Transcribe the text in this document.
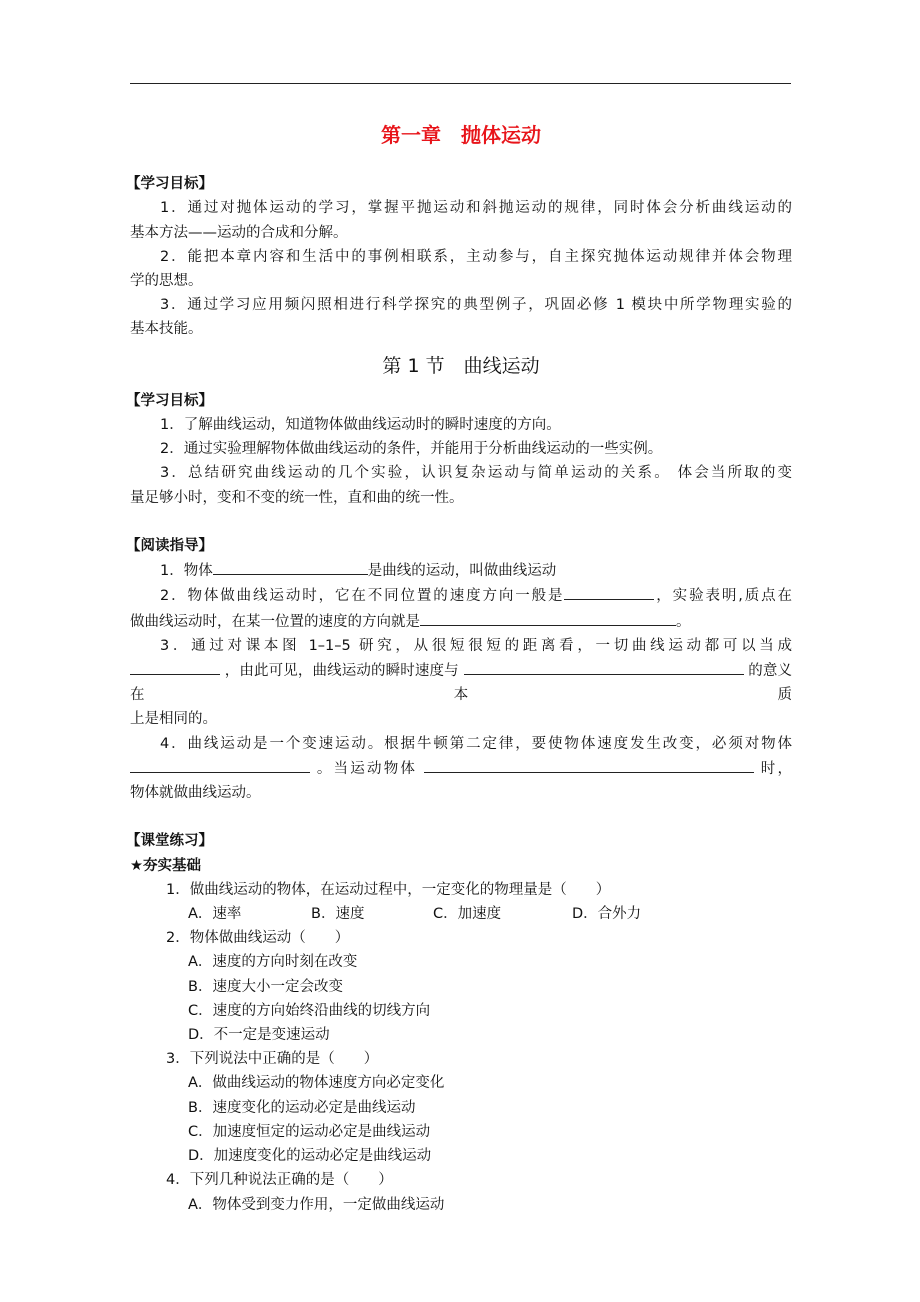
第一章　抛体运动
【学习目标】
1．通过对抛体运动的学习，掌握平抛运动和斜抛运动的规律，同时体会分析曲线运动的
基本方法——运动的合成和分解。
2．能把本章内容和生活中的事例相联系，主动参与，自主探究抛体运动规律并体会物理
学的思想。
3．通过学习应用频闪照相进行科学探究的典型例子，巩固必修 1 模块中所学物理实验的
基本技能。
第 1 节　曲线运动
【学习目标】
1．了解曲线运动，知道物体做曲线运动时的瞬时速度的方向。
2．通过实验理解物体做曲线运动的条件，并能用于分析曲线运动的一些实例。
3．总结研究曲线运动的几个实验，认识复杂运动与简单运动的关系。 体会当所取的变
量足够小时，变和不变的统一性，直和曲的统一性。
【阅读指导】
1．物体	是曲线的运动，叫做曲线运动
2．物体做曲线运动时，它在不同位置的速度方向一般是	，实验表明,质点在
做曲线运动时，在某一位置的速度的方向就是	。
3．通过对课本图 1–1–5 研究，从很短很短的距离看，一切曲线运动都可以当成
，由此可见，曲线运动的瞬时速度与	的意义在本质
上是相同的。
4．曲线运动是一个变速运动。根据牛顿第二定律，要使物体速度发生改变，必须对物体
。当运动物体	时，
物体就做曲线运动。
【课堂练习】
★夯实基础
1．做曲线运动的物体，在运动过程中，一定变化的物理量是（　　）
A．速率	B．速度	C．加速度	D．合外力
2．物体做曲线运动（　　）
A．速度的方向时刻在改变
B．速度大小一定会改变
C．速度的方向始终沿曲线的切线方向
D．不一定是变速运动
3．下列说法中正确的是（　　）
A．做曲线运动的物体速度方向必定变化
B．速度变化的运动必定是曲线运动
C．加速度恒定的运动必定是曲线运动
D．加速度变化的运动必定是曲线运动
4．下列几种说法正确的是（　　）
A．物体受到变力作用，一定做曲线运动
